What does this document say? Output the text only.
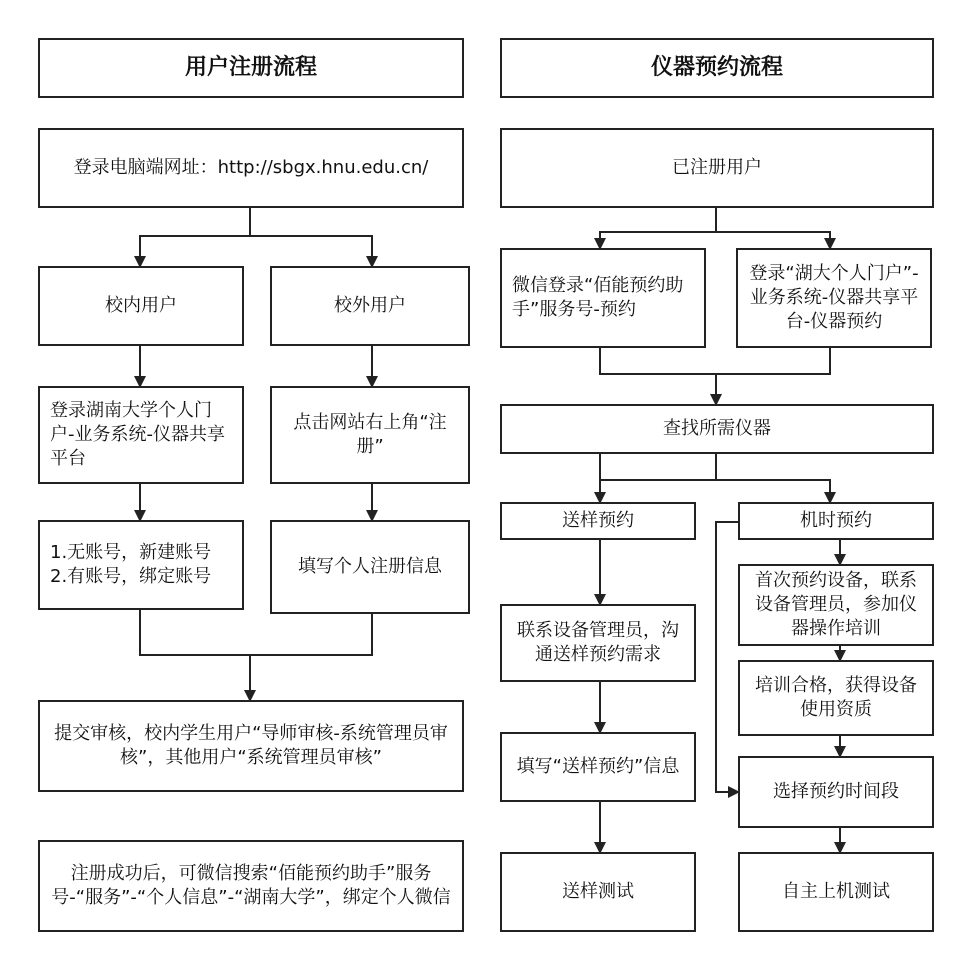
用户注册流程
登录电脑端网址：http://sbgx.hnu.edu.cn/
校内用户	校外用户
登录湖南大学个人门户-业务系统-仪器共享平台
点击网站右上角“注册”
1.无账号，新建账号
2.有账号，绑定账号	填写个人注册信息
提交审核，校内学生用户“导师审核-系统管理员审核”，其他用户“系统管理员审核”
注册成功后，可微信搜索“佰能预约助手”服务号-“服务”-“个人信息”-“湖南大学”，绑定个人微信
仪器预约流程
已注册用户
微信登录“佰能预约助手”服务号-预约
登录“湖大个人门户”-业务系统-仪器共享平台-仪器预约
查找所需仪器
送样预约	机时预约
联系设备管理员，沟通送样预约需求
首次预约设备，联系设备管理员，参加仪器操作培训
培训合格，获得设备使用资质
填写“送样预约”信息
选择预约时间段
送样测试	自主上机测试
